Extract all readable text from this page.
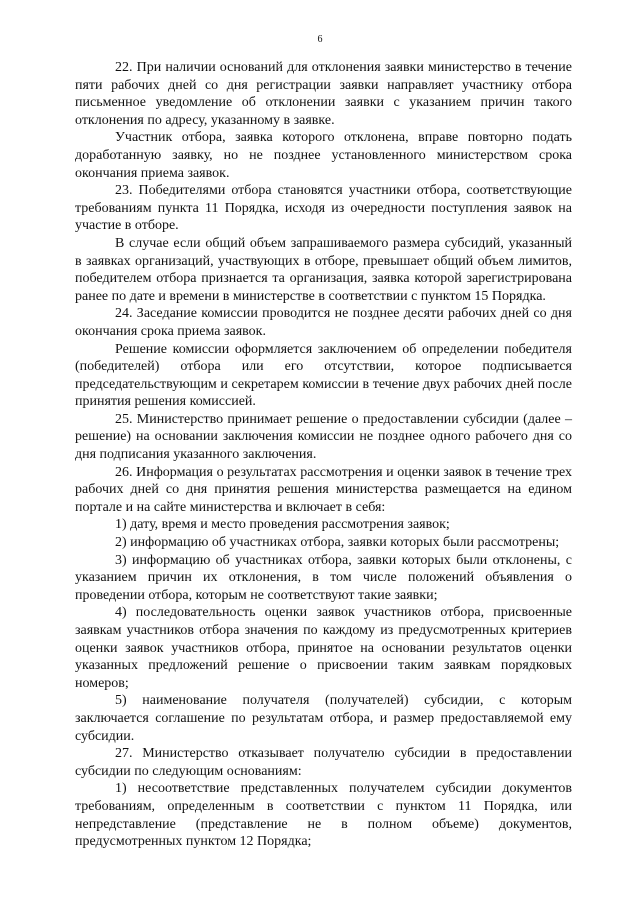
6

22. При наличии оснований для отклонения заявки министерство в течение пяти рабочих дней со дня регистрации заявки направляет участнику отбора письменное уведомление об отклонении заявки с указанием причин такого отклонения по адресу, указанному в заявке.

Участник отбора, заявка которого отклонена, вправе повторно подать доработанную заявку, но не позднее установленного министерством срока окончания приема заявок.

23. Победителями отбора становятся участники отбора, соответствующие требованиям пункта 11 Порядка, исходя из очередности поступления заявок на участие в отборе.

В случае если общий объем запрашиваемого размера субсидий, указанный в заявках организаций, участвующих в отборе, превышает общий объем лимитов, победителем отбора признается та организация, заявка которой зарегистрирована ранее по дате и времени в министерстве в соответствии с пунктом 15 Порядка.

24. Заседание комиссии проводится не позднее десяти рабочих дней со дня окончания срока приема заявок.

Решение комиссии оформляется заключением об определении победителя (победителей) отбора или его отсутствии, которое подписывается председательствующим и секретарем комиссии в течение двух рабочих дней после принятия решения комиссией.

25. Министерство принимает решение о предоставлении субсидии (далее – решение) на основании заключения комиссии не позднее одного рабочего дня со дня подписания указанного заключения.

26. Информация о результатах рассмотрения и оценки заявок в течение трех рабочих дней со дня принятия решения министерства размещается на едином портале и на сайте министерства и включает в себя:

1) дату, время и место проведения рассмотрения заявок;

2) информацию об участниках отбора, заявки которых были рассмотрены;

3) информацию об участниках отбора, заявки которых были отклонены, с указанием причин их отклонения, в том числе положений объявления о проведении отбора, которым не соответствуют такие заявки;

4) последовательность оценки заявок участников отбора, присвоенные заявкам участников отбора значения по каждому из предусмотренных критериев оценки заявок участников отбора, принятое на основании результатов оценки указанных предложений решение о присвоении таким заявкам порядковых номеров;

5) наименование получателя (получателей) субсидии, с которым заключается соглашение по результатам отбора, и размер предоставляемой ему субсидии.

27. Министерство отказывает получателю субсидии в предоставлении субсидии по следующим основаниям:

1) несоответствие представленных получателем субсидии документов требованиям, определенным в соответствии с пунктом 11 Порядка, или непредставление (представление не в полном объеме) документов, предусмотренных пунктом 12 Порядка;
